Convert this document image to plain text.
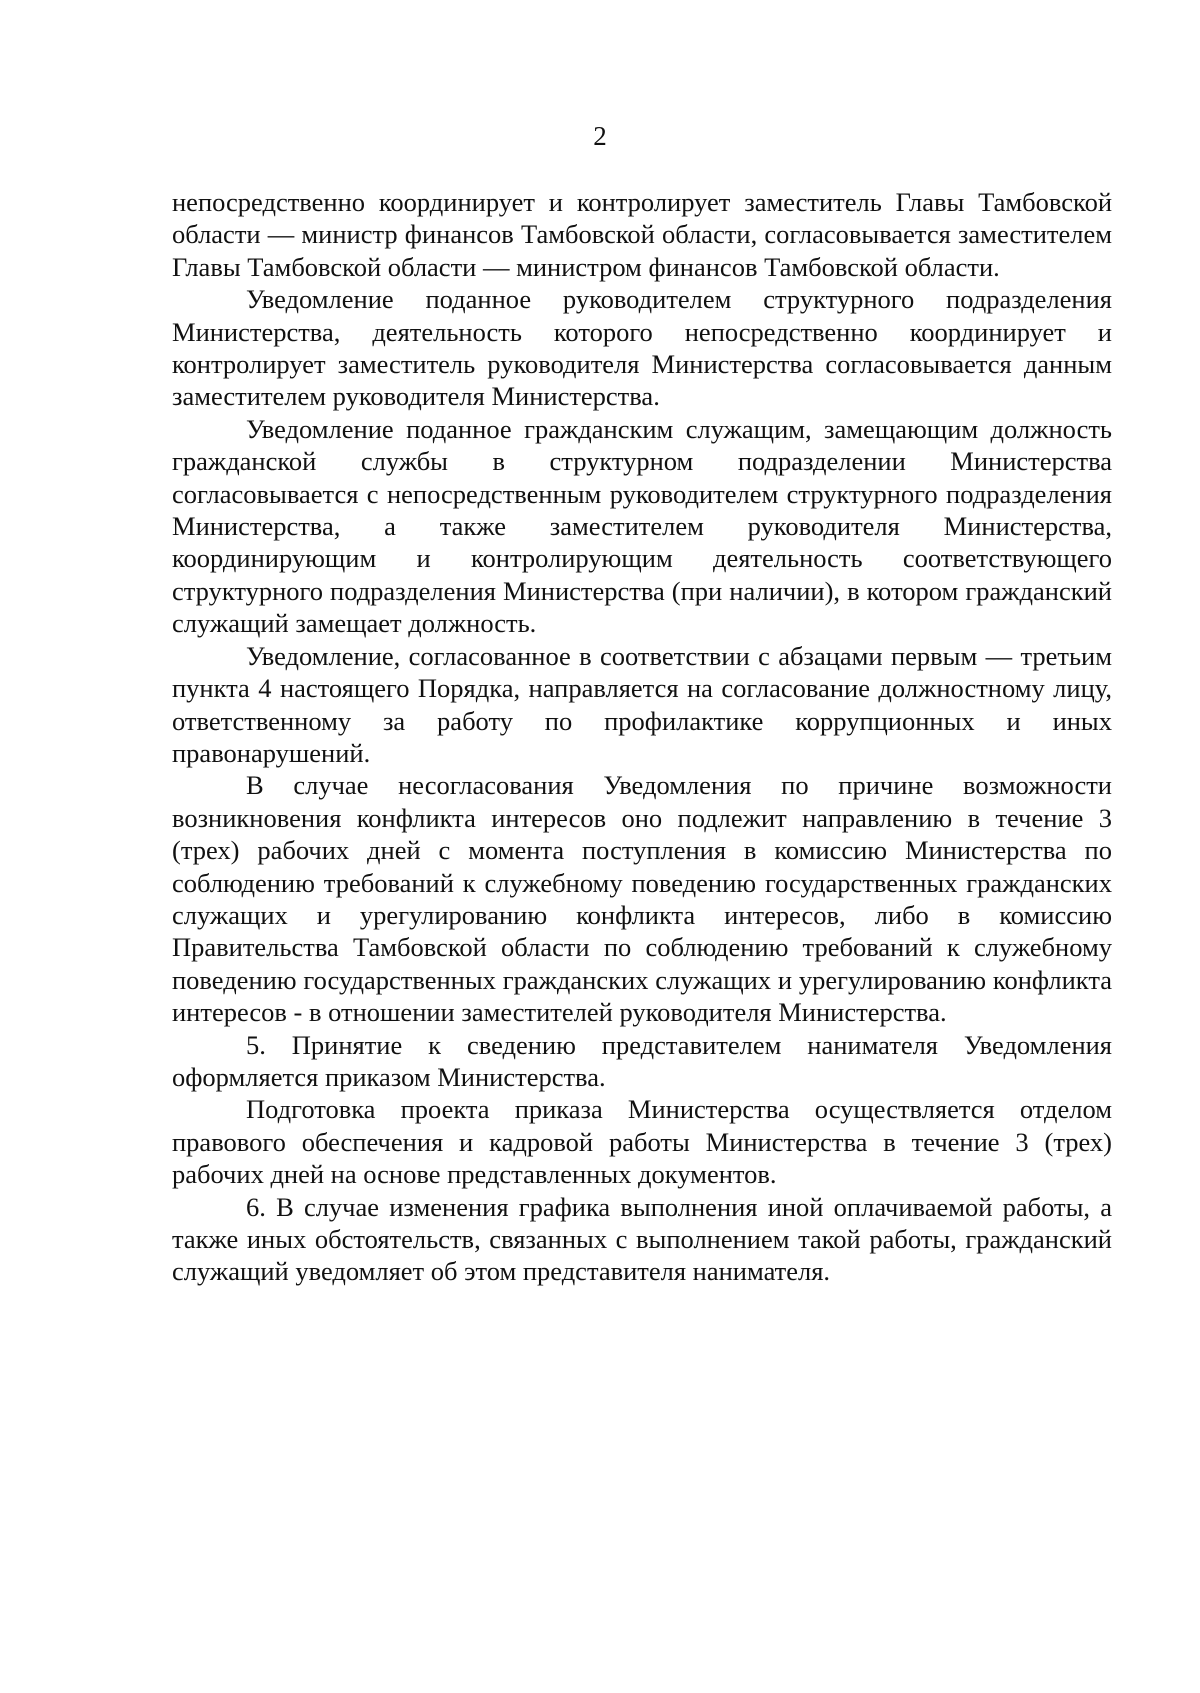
2

непосредственно координирует и контролирует заместитель Главы Тамбовской области — министр финансов Тамбовской области, согласовывается заместителем Главы Тамбовской области — министром финансов Тамбовской области.

Уведомление поданное руководителем структурного подразделения Министерства, деятельность которого непосредственно координирует и контролирует заместитель руководителя Министерства согласовывается данным заместителем руководителя Министерства.

Уведомление поданное гражданским служащим, замещающим должность гражданской службы в структурном подразделении Министерства согласовывается с непосредственным руководителем структурного подразделения Министерства, а также заместителем руководителя Министерства, координирующим и контролирующим деятельность соответствующего структурного подразделения Министерства (при наличии), в котором гражданский служащий замещает должность.

Уведомление, согласованное в соответствии с абзацами первым — третьим пункта 4 настоящего Порядка, направляется на согласование должностному лицу, ответственному за работу по профилактике коррупционных и иных правонарушений.

В случае несогласования Уведомления по причине возможности возникновения конфликта интересов оно подлежит направлению в течение 3 (трех) рабочих дней с момента поступления в комиссию Министерства по соблюдению требований к служебному поведению государственных гражданских служащих и урегулированию конфликта интересов, либо в комиссию Правительства Тамбовской области по соблюдению требований к служебному поведению государственных гражданских служащих и урегулированию конфликта интересов - в отношении заместителей руководителя Министерства.

5. Принятие к сведению представителем нанимателя Уведомления оформляется приказом Министерства.

Подготовка проекта приказа Министерства осуществляется отделом правового обеспечения и кадровой работы Министерства в течение 3 (трех) рабочих дней на основе представленных документов.

6. В случае изменения графика выполнения иной оплачиваемой работы, а также иных обстоятельств, связанных с выполнением такой работы, гражданский служащий уведомляет об этом представителя нанимателя.
